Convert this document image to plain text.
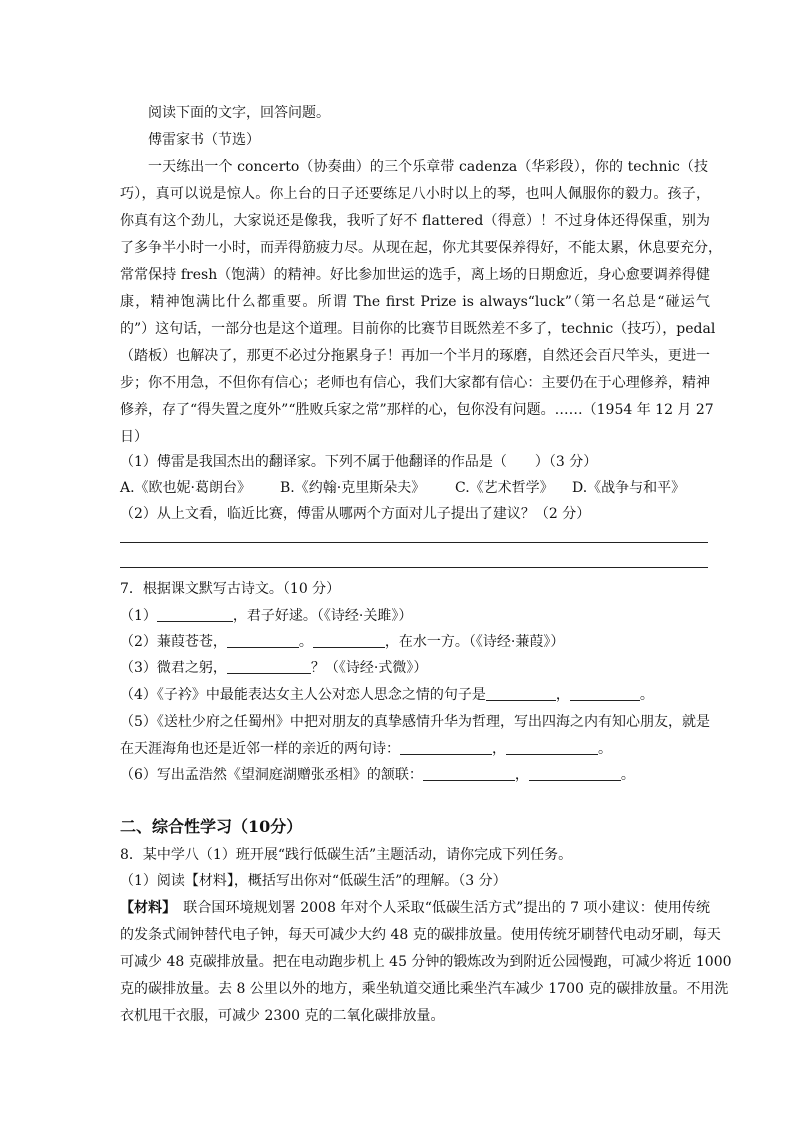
阅读下面的文字，回答问题。
傅雷家书（节选）
一天练出一个 concerto（协奏曲）的三个乐章带 cadenza（华彩段），你的 technic（技
巧），真可以说是惊人。你上台的日子还要练足八小时以上的琴，也叫人佩服你的毅力。孩子，
你真有这个劲儿，大家说还是像我，我听了好不 flattered（得意）！不过身体还得保重，别为
了多争半小时一小时，而弄得筋疲力尽。从现在起，你尤其要保养得好，不能太累，休息要充分，
常常保持 fresh（饱满）的精神。好比参加世运的选手，离上场的日期愈近，身心愈要调养得健
康，精神饱满比什么都重要。所谓 The first Prize is always“luck”（第一名总是“碰运气
的”）这句话，一部分也是这个道理。目前你的比赛节目既然差不多了，technic（技巧），pedal
（踏板）也解决了，那更不必过分拖累身子！再加一个半月的琢磨，自然还会百尺竿头，更进一
步；你不用急，不但你有信心；老师也有信心，我们大家都有信心：主要仍在于心理修养，精神
修养，存了“得失置之度外”“胜败兵家之常”那样的心，包你没有问题。……（1954 年 12 月 27
日）
（1）傅雷是我国杰出的翻译家。下列不属于他翻译的作品是（　　）（3 分）
A.《欧也妮·葛朗台》 B.《约翰·克里斯朵夫》 C.《艺术哲学》 D.《战争与和平》
（2）从上文看，临近比赛，傅雷从哪两个方面对儿子提出了建议？（2 分）
7．根据课文默写古诗文。（10 分）
（1）	，君子好逑。（《诗经·关雎》）
（2）蒹葭苍苍，	。	，在水一方。（《诗经·蒹葭》）
（3）微君之躬，	？（《诗经·式微》）
（4）《子衿》中最能表达女主人公对恋人思念之情的句子是	，	。
（5）《送杜少府之任蜀州》中把对朋友的真挚感情升华为哲理，写出四海之内有知心朋友，就是
在天涯海角也还是近邻一样的亲近的两句诗：	，	。
（6）写出孟浩然《望洞庭湖赠张丞相》的颔联：	，	。
二、综合性学习（10分）
8．某中学八（1）班开展“践行低碳生活”主题活动，请你完成下列任务。
（1）阅读【材料】，概括写出你对“低碳生活”的理解。（3 分）
【材料】　联合国环境规划署 2008 年对个人采取“低碳生活方式”提出的 7 项小建议：使用传统
的发条式闹钟替代电子钟，每天可减少大约 48 克的碳排放量。使用传统牙刷替代电动牙刷，每天
可减少 48 克碳排放量。把在电动跑步机上 45 分钟的锻炼改为到附近公园慢跑，可减少将近 1000
克的碳排放量。去 8 公里以外的地方，乘坐轨道交通比乘坐汽车减少 1700 克的碳排放量。不用洗
衣机甩干衣服，可减少 2300 克的二氧化碳排放量。
